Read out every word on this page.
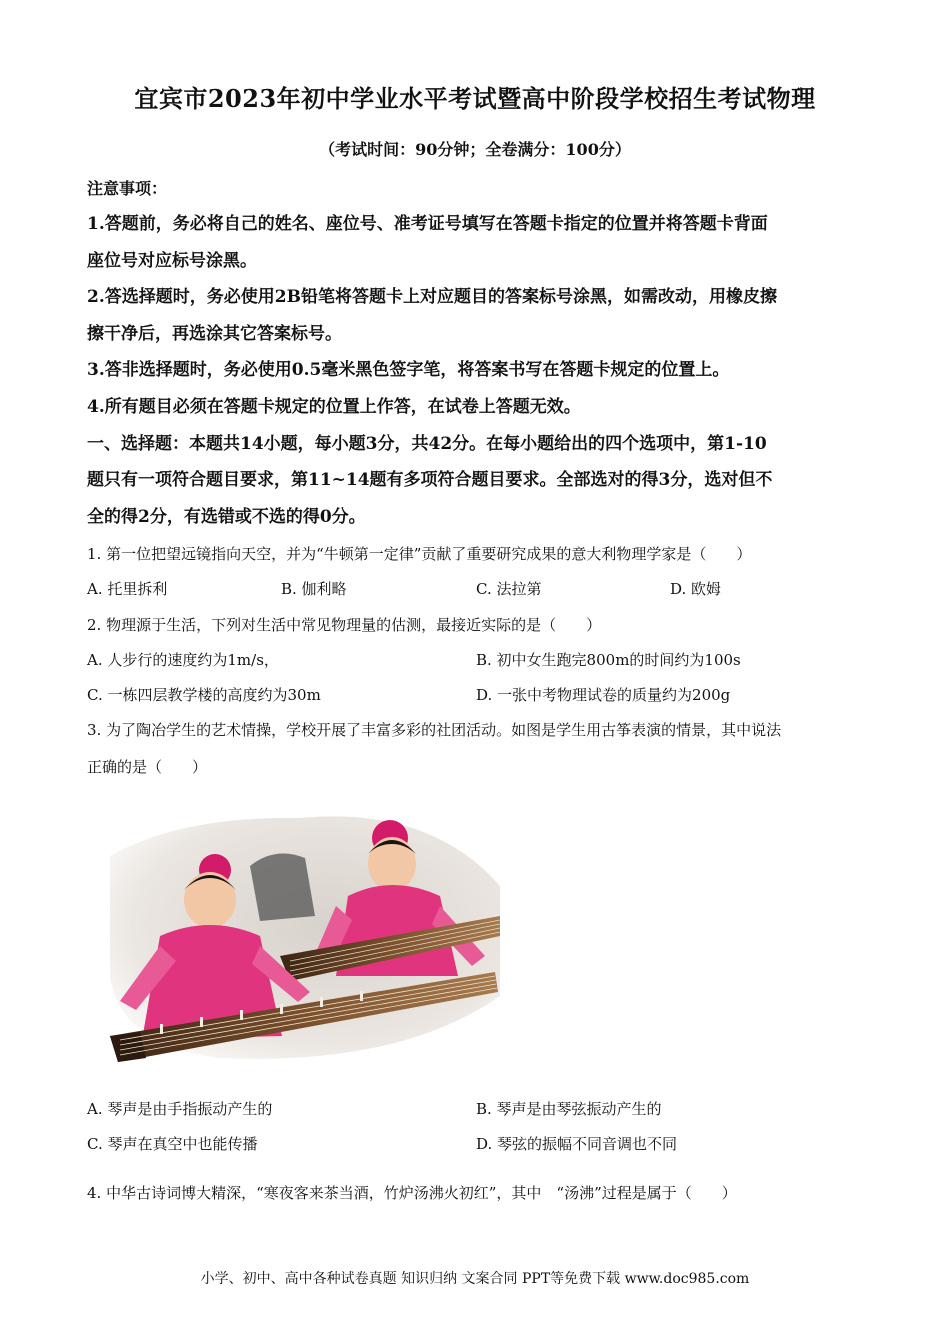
宜宾市2023年初中学业水平考试暨高中阶段学校招生考试物理
（考试时间：90分钟；全卷满分：100分）
注意事项：
1.答题前，务必将自己的姓名、座位号、准考证号填写在答题卡指定的位置并将答题卡背面
座位号对应标号涂黑。
2.答选择题时，务必使用2B铅笔将答题卡上对应题目的答案标号涂黑，如需改动，用橡皮擦
擦干净后，再选涂其它答案标号。
3.答非选择题时，务必使用0.5毫米黑色签字笔，将答案书写在答题卡规定的位置上。
4.所有题目必须在答题卡规定的位置上作答，在试卷上答题无效。
一、选择题：本题共14小题，每小题3分，共42分。在每小题给出的四个选项中，第1-10
题只有一项符合题目要求，第11~14题有多项符合题目要求。全部选对的得3分，选对但不
全的得2分，有选错或不选的得0分。
1. 第一位把望远镜指向天空，并为“牛顿第一定律”贡献了重要研究成果的意大利物理学家是（　　）
A. 托里拆利	B. 伽利略	C. 法拉第	D. 欧姆
2. 物理源于生活，下列对生活中常见物理量的估测，最接近实际的是（　　）
A. 人步行的速度约为1m/s，	B. 初中女生跑完800m的时间约为100s
C. 一栋四层教学楼的高度约为30m	D. 一张中考物理试卷的质量约为200g
3. 为了陶冶学生的艺术情操，学校开展了丰富多彩的社团活动。如图是学生用古筝表演的情景，其中说法
正确的是（　　）
A. 琴声是由手指振动产生的	B. 琴声是由琴弦振动产生的
C. 琴声在真空中也能传播	D. 琴弦的振幅不同音调也不同
4. 中华古诗词博大精深，“寒夜客来茶当酒，竹炉汤沸火初红”，其中　“汤沸”过程是属于（　　）
小学、初中、高中各种试卷真题 知识归纳 文案合同 PPT等免费下载 www.doc985.com
